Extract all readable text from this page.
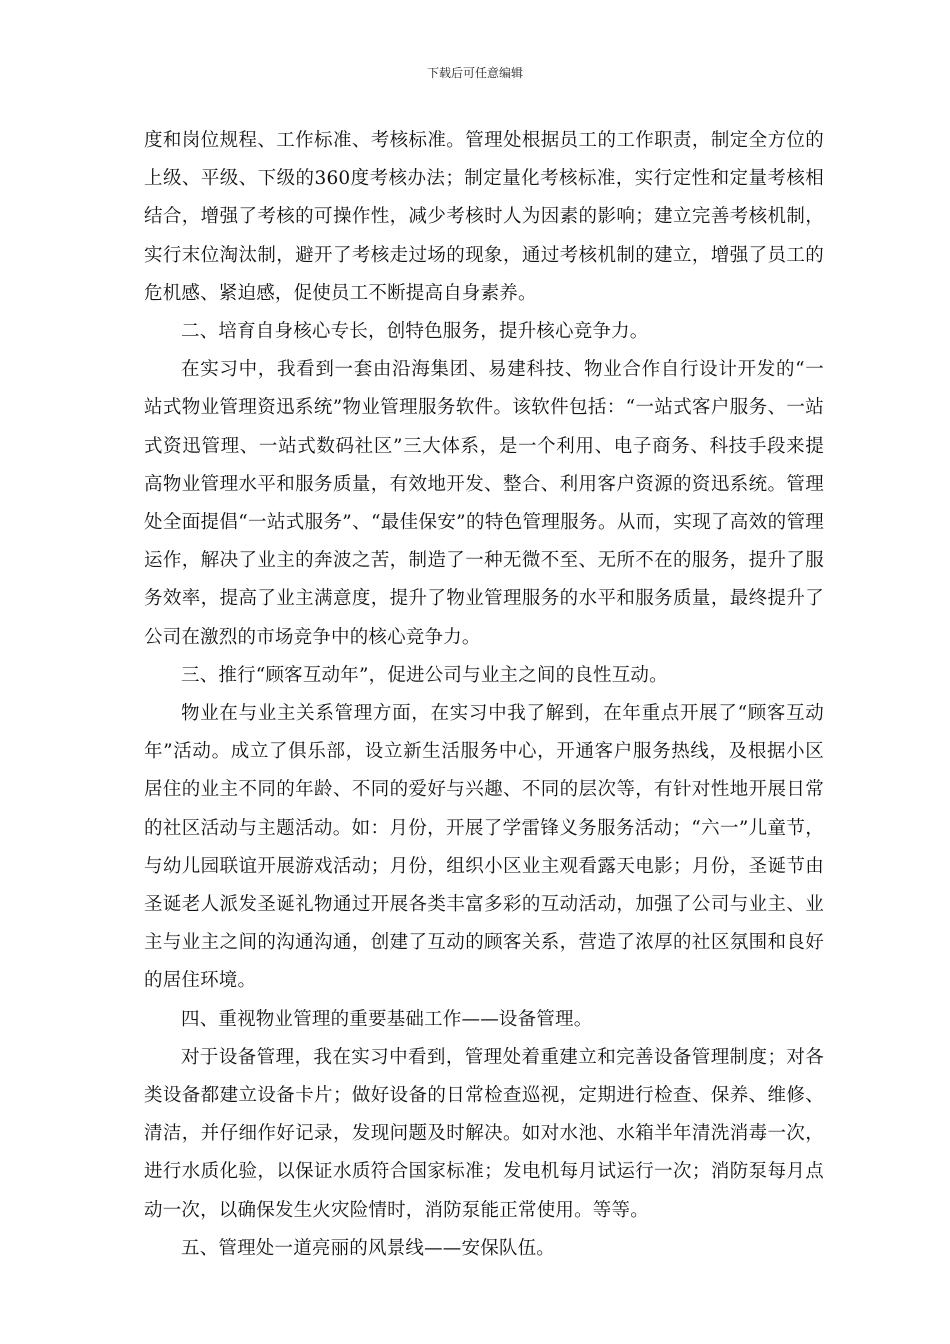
下载后可任意编辑

度和岗位规程、工作标准、考核标准。管理处根据员工的工作职责，制定全方位的上级、平级、下级的360度考核办法；制定量化考核标准，实行定性和定量考核相结合，增强了考核的可操作性，减少考核时人为因素的影响；建立完善考核机制，实行末位淘汰制，避开了考核走过场的现象，通过考核机制的建立，增强了员工的危机感、紧迫感，促使员工不断提高自身素养。

二、培育自身核心专长，创特色服务，提升核心竞争力。

在实习中，我看到一套由沿海集团、易建科技、物业合作自行设计开发的“一站式物业管理资迅系统”物业管理服务软件。该软件包括：“一站式客户服务、一站式资迅管理、一站式数码社区”三大体系，是一个利用、电子商务、科技手段来提高物业管理水平和服务质量，有效地开发、整合、利用客户资源的资迅系统。管理处全面提倡“一站式服务”、“最佳保安”的特色管理服务。从而，实现了高效的管理运作，解决了业主的奔波之苦，制造了一种无微不至、无所不在的服务，提升了服务效率，提高了业主满意度，提升了物业管理服务的水平和服务质量，最终提升了公司在激烈的市场竞争中的核心竞争力。

三、推行“顾客互动年”，促进公司与业主之间的良性互动。

物业在与业主关系管理方面，在实习中我了解到，在年重点开展了“顾客互动年”活动。成立了俱乐部，设立新生活服务中心，开通客户服务热线，及根据小区居住的业主不同的年龄、不同的爱好与兴趣、不同的层次等，有针对性地开展日常的社区活动与主题活动。如：月份，开展了学雷锋义务服务活动；“六一”儿童节，与幼儿园联谊开展游戏活动；月份，组织小区业主观看露天电影；月份，圣诞节由圣诞老人派发圣诞礼物通过开展各类丰富多彩的互动活动，加强了公司与业主、业主与业主之间的沟通沟通，创建了互动的顾客关系，营造了浓厚的社区氛围和良好的居住环境。

四、重视物业管理的重要基础工作——设备管理。

对于设备管理，我在实习中看到，管理处着重建立和完善设备管理制度；对各类设备都建立设备卡片；做好设备的日常检查巡视，定期进行检查、保养、维修、清洁，并仔细作好记录，发现问题及时解决。如对水池、水箱半年清洗消毒一次，进行水质化验，以保证水质符合国家标准；发电机每月试运行一次；消防泵每月点动一次，以确保发生火灾险情时，消防泵能正常使用。等等。

五、管理处一道亮丽的风景线——安保队伍。
